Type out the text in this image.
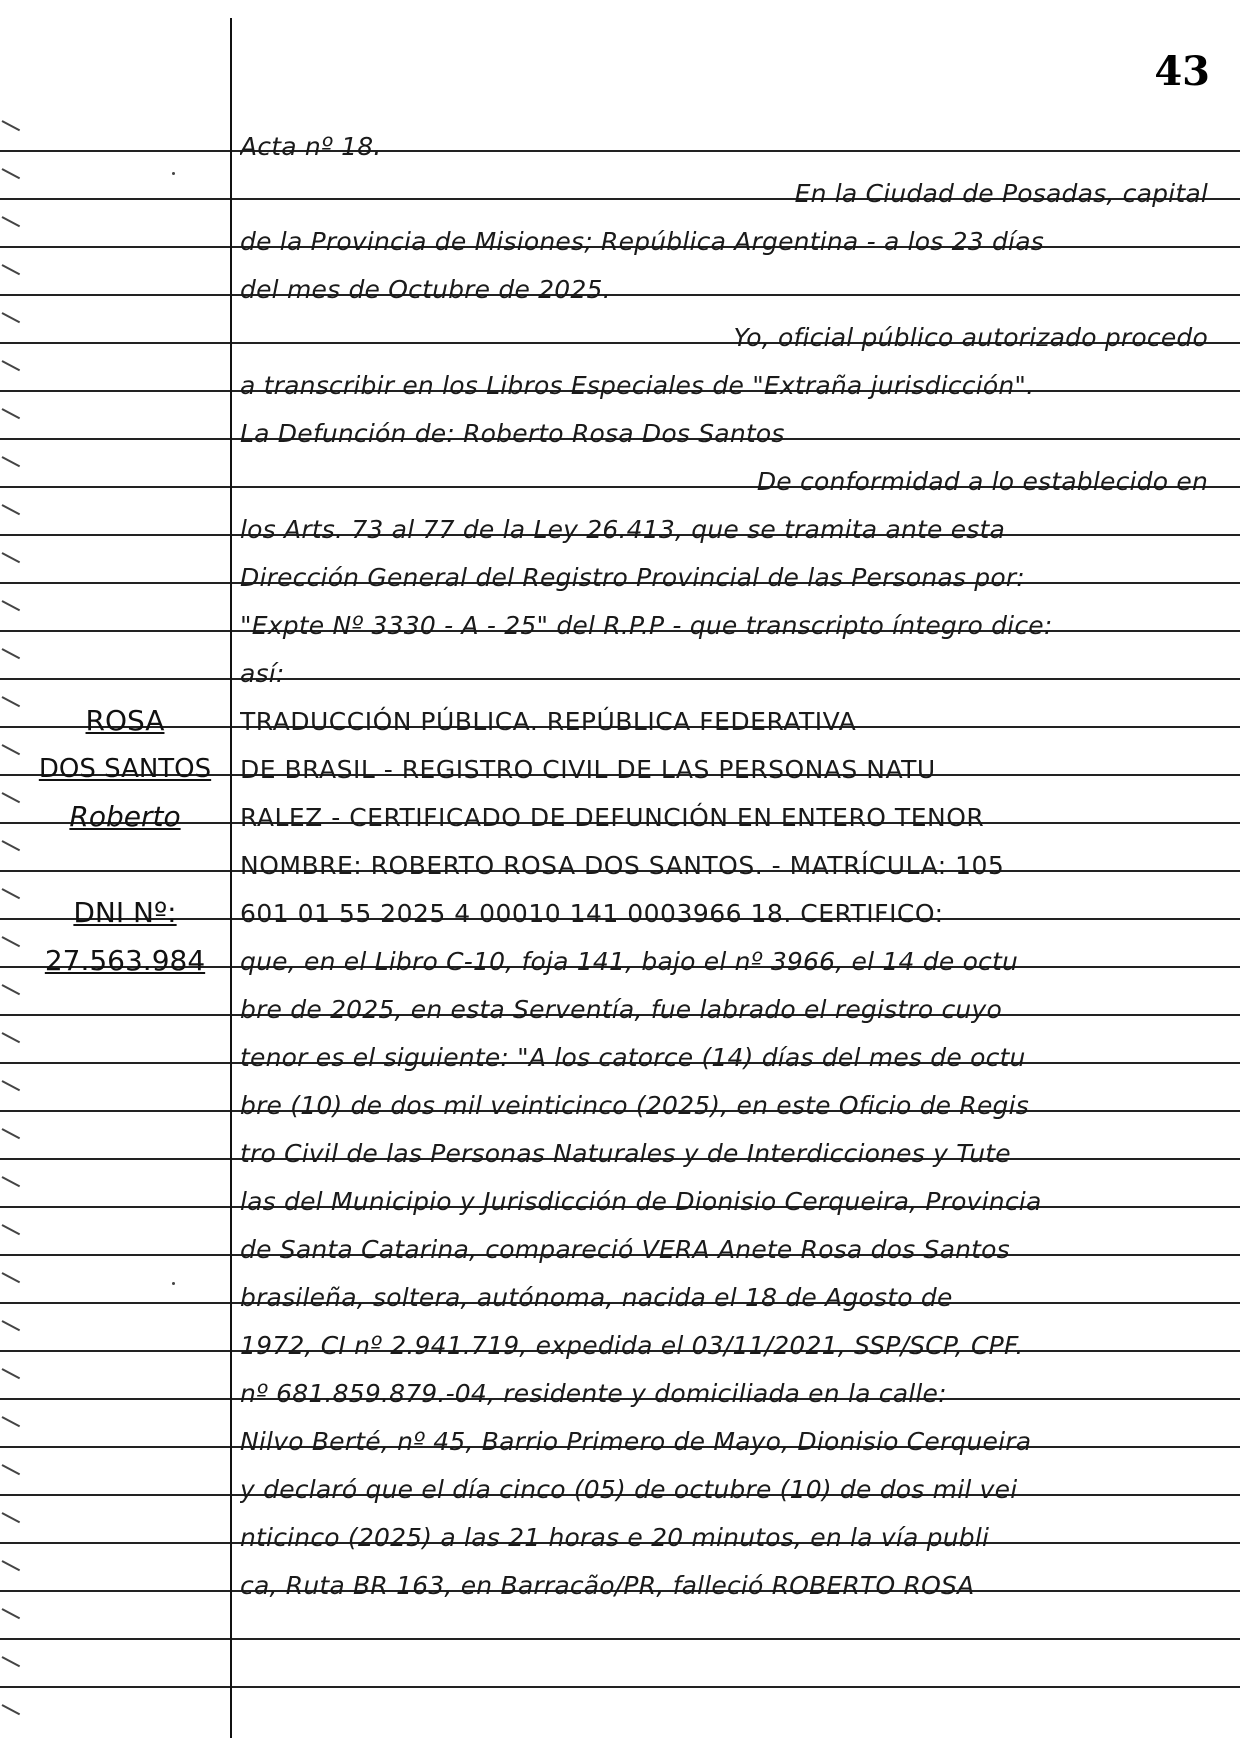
43
Acta nº 18.
En la Ciudad de Posadas, capital
de la Provincia de Misiones; República Argentina - a los 23 días
del mes de Octubre de 2025.
Yo, oficial público autorizado procedo
a transcribir en los Libros Especiales de "Extraña jurisdicción".
La Defunción de: Roberto Rosa Dos Santos
De conformidad a lo establecido en
los Arts. 73 al 77 de la Ley 26.413, que se tramita ante esta
Dirección General del Registro Provincial de las Personas por:
"Expte Nº 3330 - A - 25" del R.P.P - que transcripto íntegro dice:
así:
TRADUCCIÓN PÚBLICA. REPÚBLICA FEDERATIVA
DE BRASIL - REGISTRO CIVIL DE LAS PERSONAS NATU
RALEZ - CERTIFICADO DE DEFUNCIÓN EN ENTERO TENOR
NOMBRE: ROBERTO ROSA DOS SANTOS. - MATRÍCULA: 105
601 01 55 2025 4 00010 141 0003966 18. CERTIFICO:
que, en el Libro C-10, foja 141, bajo el nº 3966, el 14 de octu
bre de 2025, en esta Serventía, fue labrado el registro cuyo
tenor es el siguiente: "A los catorce (14) días del mes de octu
bre (10) de dos mil veinticinco (2025), en este Oficio de Regis
tro Civil de las Personas Naturales y de Interdicciones y Tute
las del Municipio y Jurisdicción de Dionisio Cerqueira, Provincia
de Santa Catarina, compareció VERA Anete Rosa dos Santos
brasileña, soltera, autónoma, nacida el 18 de Agosto de
1972, CI nº 2.941.719, expedida el 03/11/2021, SSP/SCP, CPF.
nº 681.859.879.-04, residente y domiciliada en la calle:
Nilvo Berté, nº 45, Barrio Primero de Mayo, Dionisio Cerqueira
y declaró que el día cinco (05) de octubre (10) de dos mil vei
nticinco (2025) a las 21 horas e 20 minutos, en la vía publi
ca, Ruta BR 163, en Barracão/PR, falleció ROBERTO ROSA
ROSA
DOS SANTOS
Roberto
DNI Nº:
27.563.984
